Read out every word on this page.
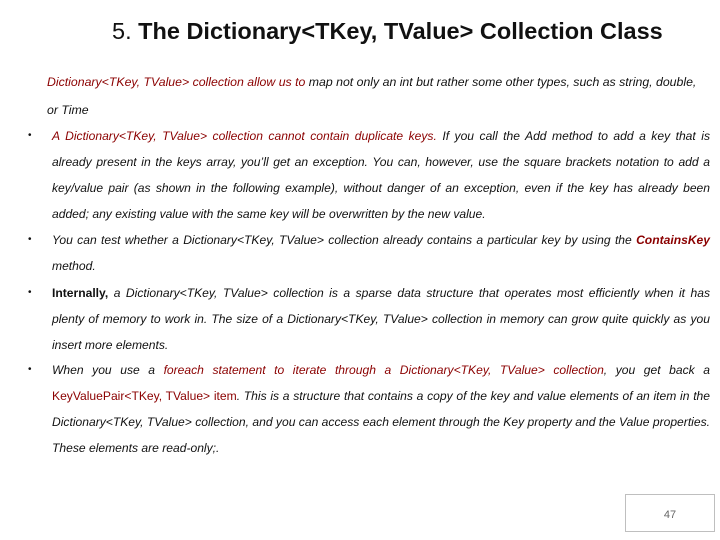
5. The Dictionary<TKey, TValue> Collection Class
Dictionary<TKey, TValue> collection allow us to map not only an int but rather some other types, such as string, double, or Time
• A Dictionary<TKey, TValue> collection cannot contain duplicate keys. If you call the Add method to add a key that is already present in the keys array, you’ll get an exception. You can, however, use the square brackets notation to add a key/value pair (as shown in the following example), without danger of an exception, even if the key has already been added; any existing value with the same key will be overwritten by the new value.
• You can test whether a Dictionary<TKey, TValue> collection already contains a particular key by using the ContainsKey method.
• Internally, a Dictionary<TKey, TValue> collection is a sparse data structure that operates most efficiently when it has plenty of memory to work in. The size of a Dictionary<TKey, TValue> collection in memory can grow quite quickly as you insert more elements.
• When you use a foreach statement to iterate through a Dictionary<TKey, TValue> collection, you get back a KeyValuePair<TKey, TValue> item. This is a structure that contains a copy of the key and value elements of an item in the Dictionary<TKey, TValue> collection, and you can access each element through the Key property and the Value properties. These elements are read-only;.
47
